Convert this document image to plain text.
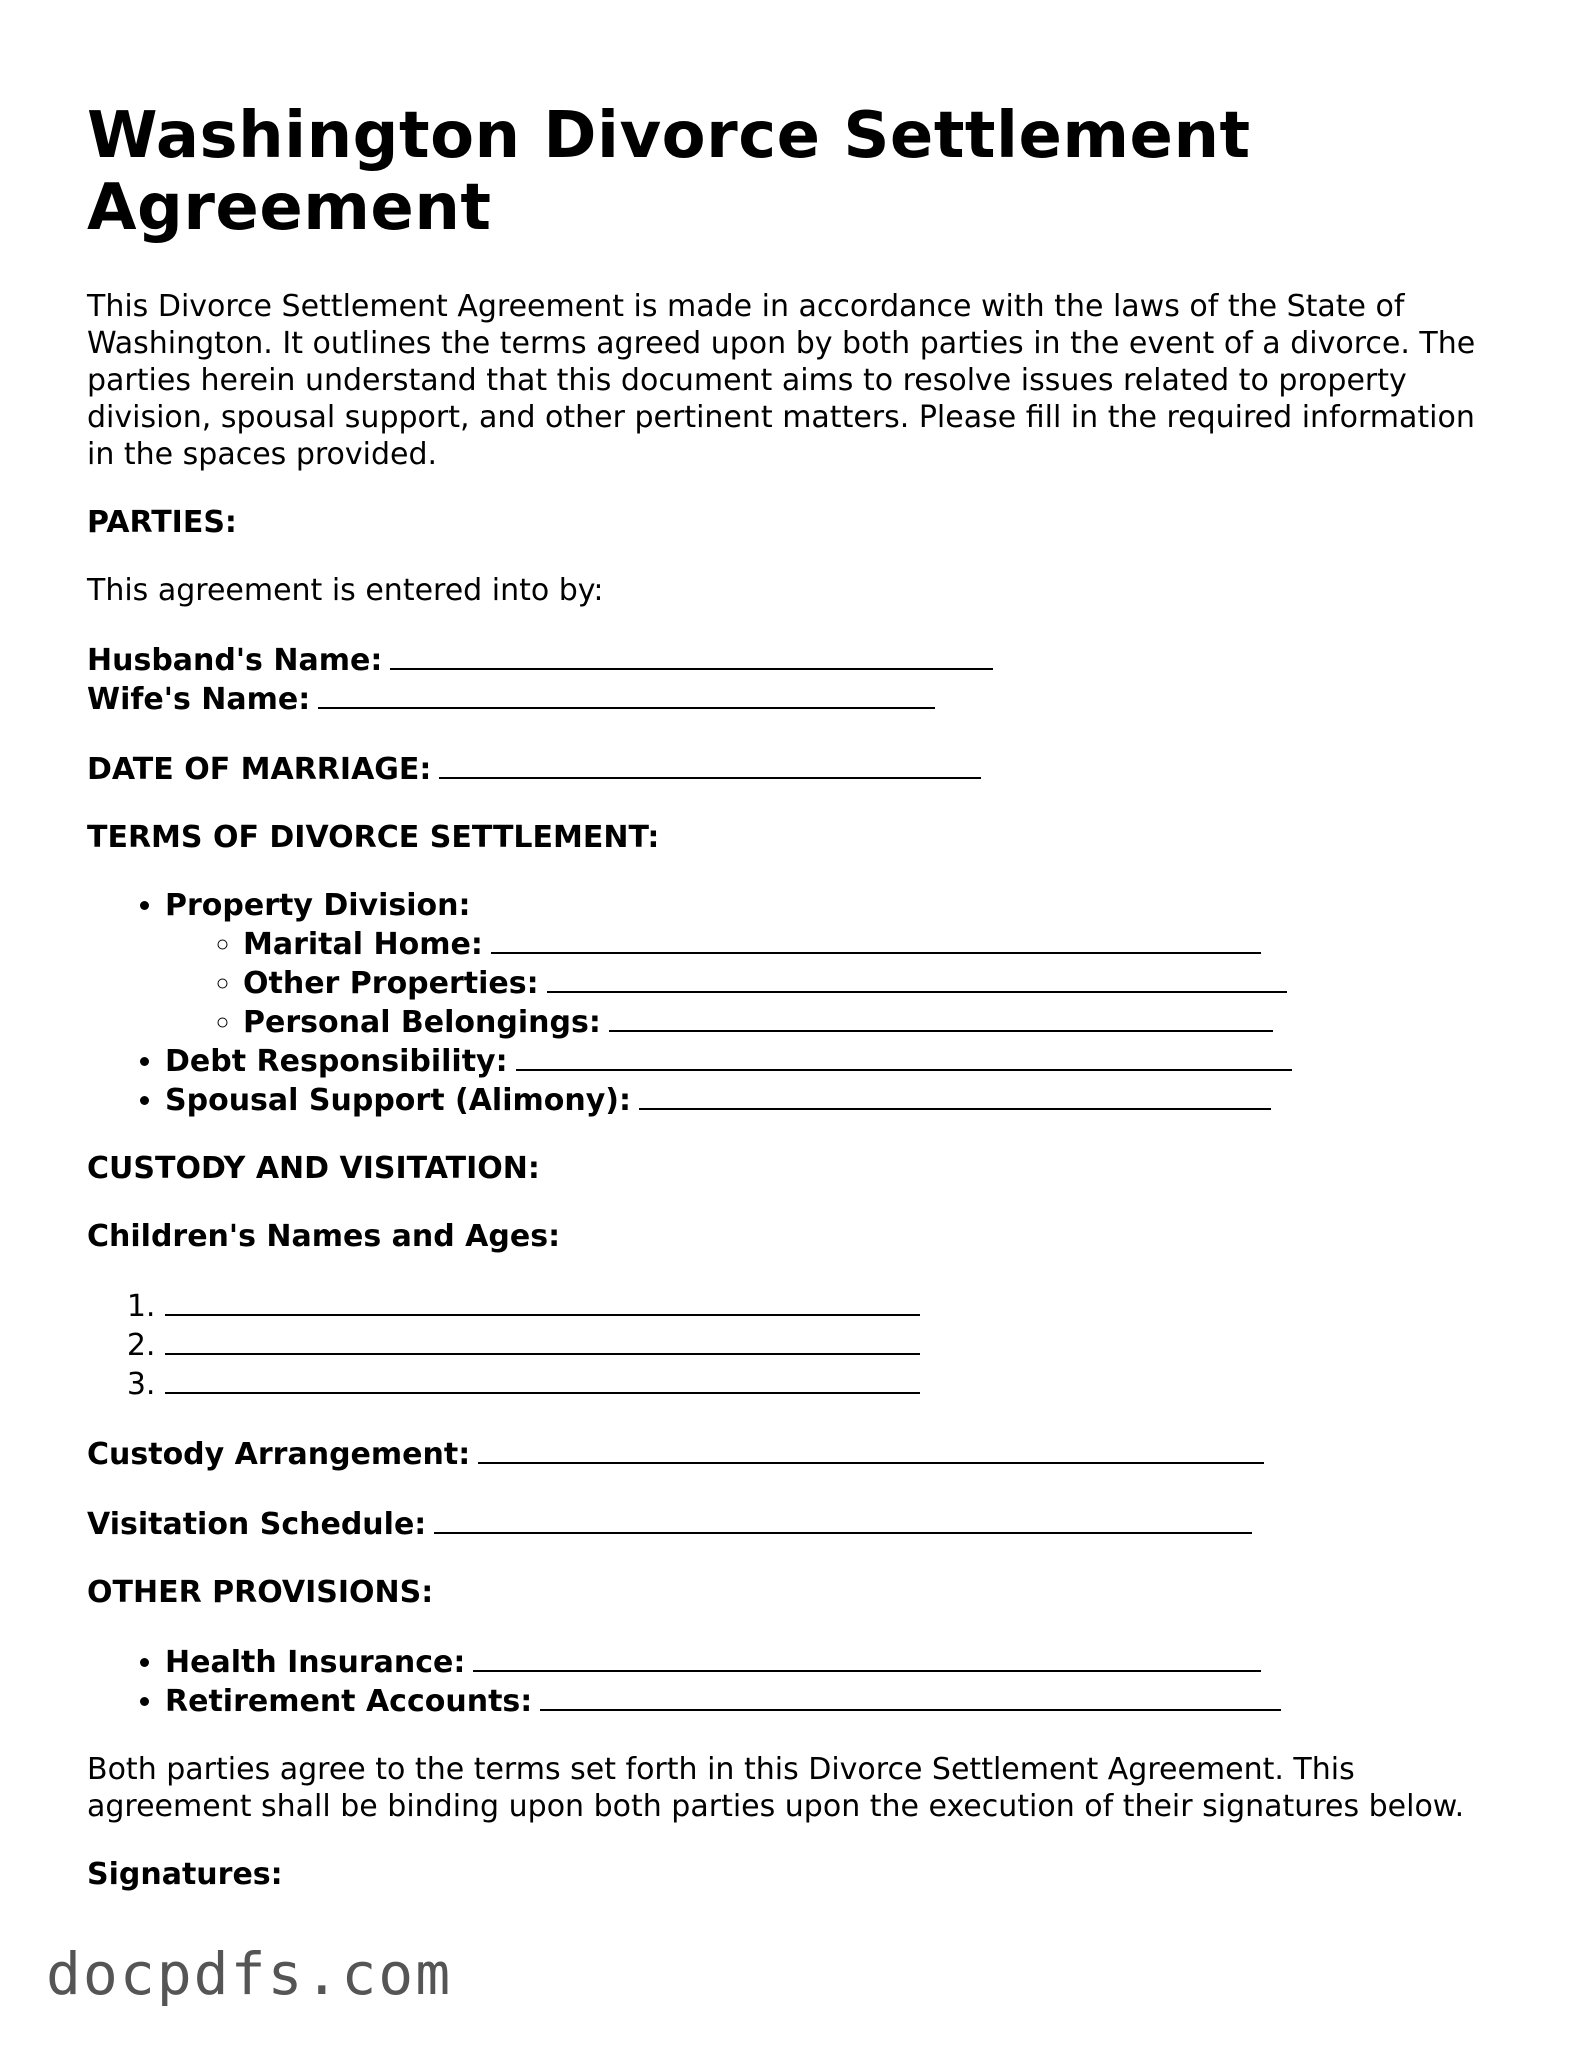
Washington Divorce Settlement Agreement

This Divorce Settlement Agreement is made in accordance with the laws of the State of Washington. It outlines the terms agreed upon by both parties in the event of a divorce. The parties herein understand that this document aims to resolve issues related to property division, spousal support, and other pertinent matters. Please fill in the required information in the spaces provided.

PARTIES:

This agreement is entered into by:

Husband's Name:
Wife's Name:
DATE OF MARRIAGE:

TERMS OF DIVORCE SETTLEMENT:

• Property Division:
◦ Marital Home:
◦ Other Properties:
◦ Personal Belongings:
• Debt Responsibility:
• Spousal Support (Alimony):

CUSTODY AND VISITATION:

Children's Names and Ages:

1.
2.
3.
Custody Arrangement:
Visitation Schedule:

OTHER PROVISIONS:

• Health Insurance:
• Retirement Accounts:

Both parties agree to the terms set forth in this Divorce Settlement Agreement. This agreement shall be binding upon both parties upon the execution of their signatures below.

Signatures:

docpdfs.com
